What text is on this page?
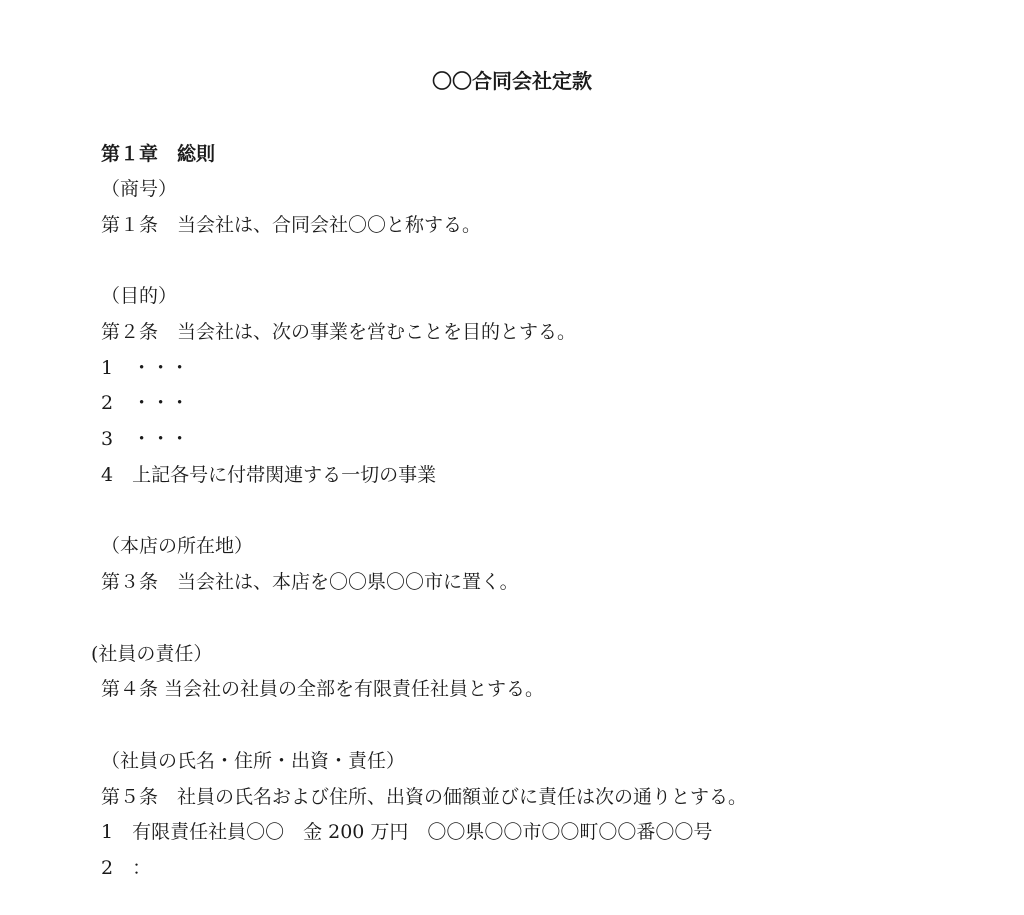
〇〇合同会社定款
第１章　総則
（商号）
第１条　当会社は、合同会社〇〇と称する。
（目的）
第２条　当会社は、次の事業を営むことを目的とする。
1　・・・
2　・・・
3　・・・
4　上記各号に付帯関連する一切の事業
（本店の所在地）
第３条　当会社は、本店を〇〇県〇〇市に置く。
(社員の責任）
第４条 当会社の社員の全部を有限責任社員とする。
（社員の氏名・住所・出資・責任）
第５条　社員の氏名および住所、出資の価額並びに責任は次の通りとする。
1　有限責任社員〇〇　金 200 万円　〇〇県〇〇市〇〇町〇〇番〇〇号
2　：
